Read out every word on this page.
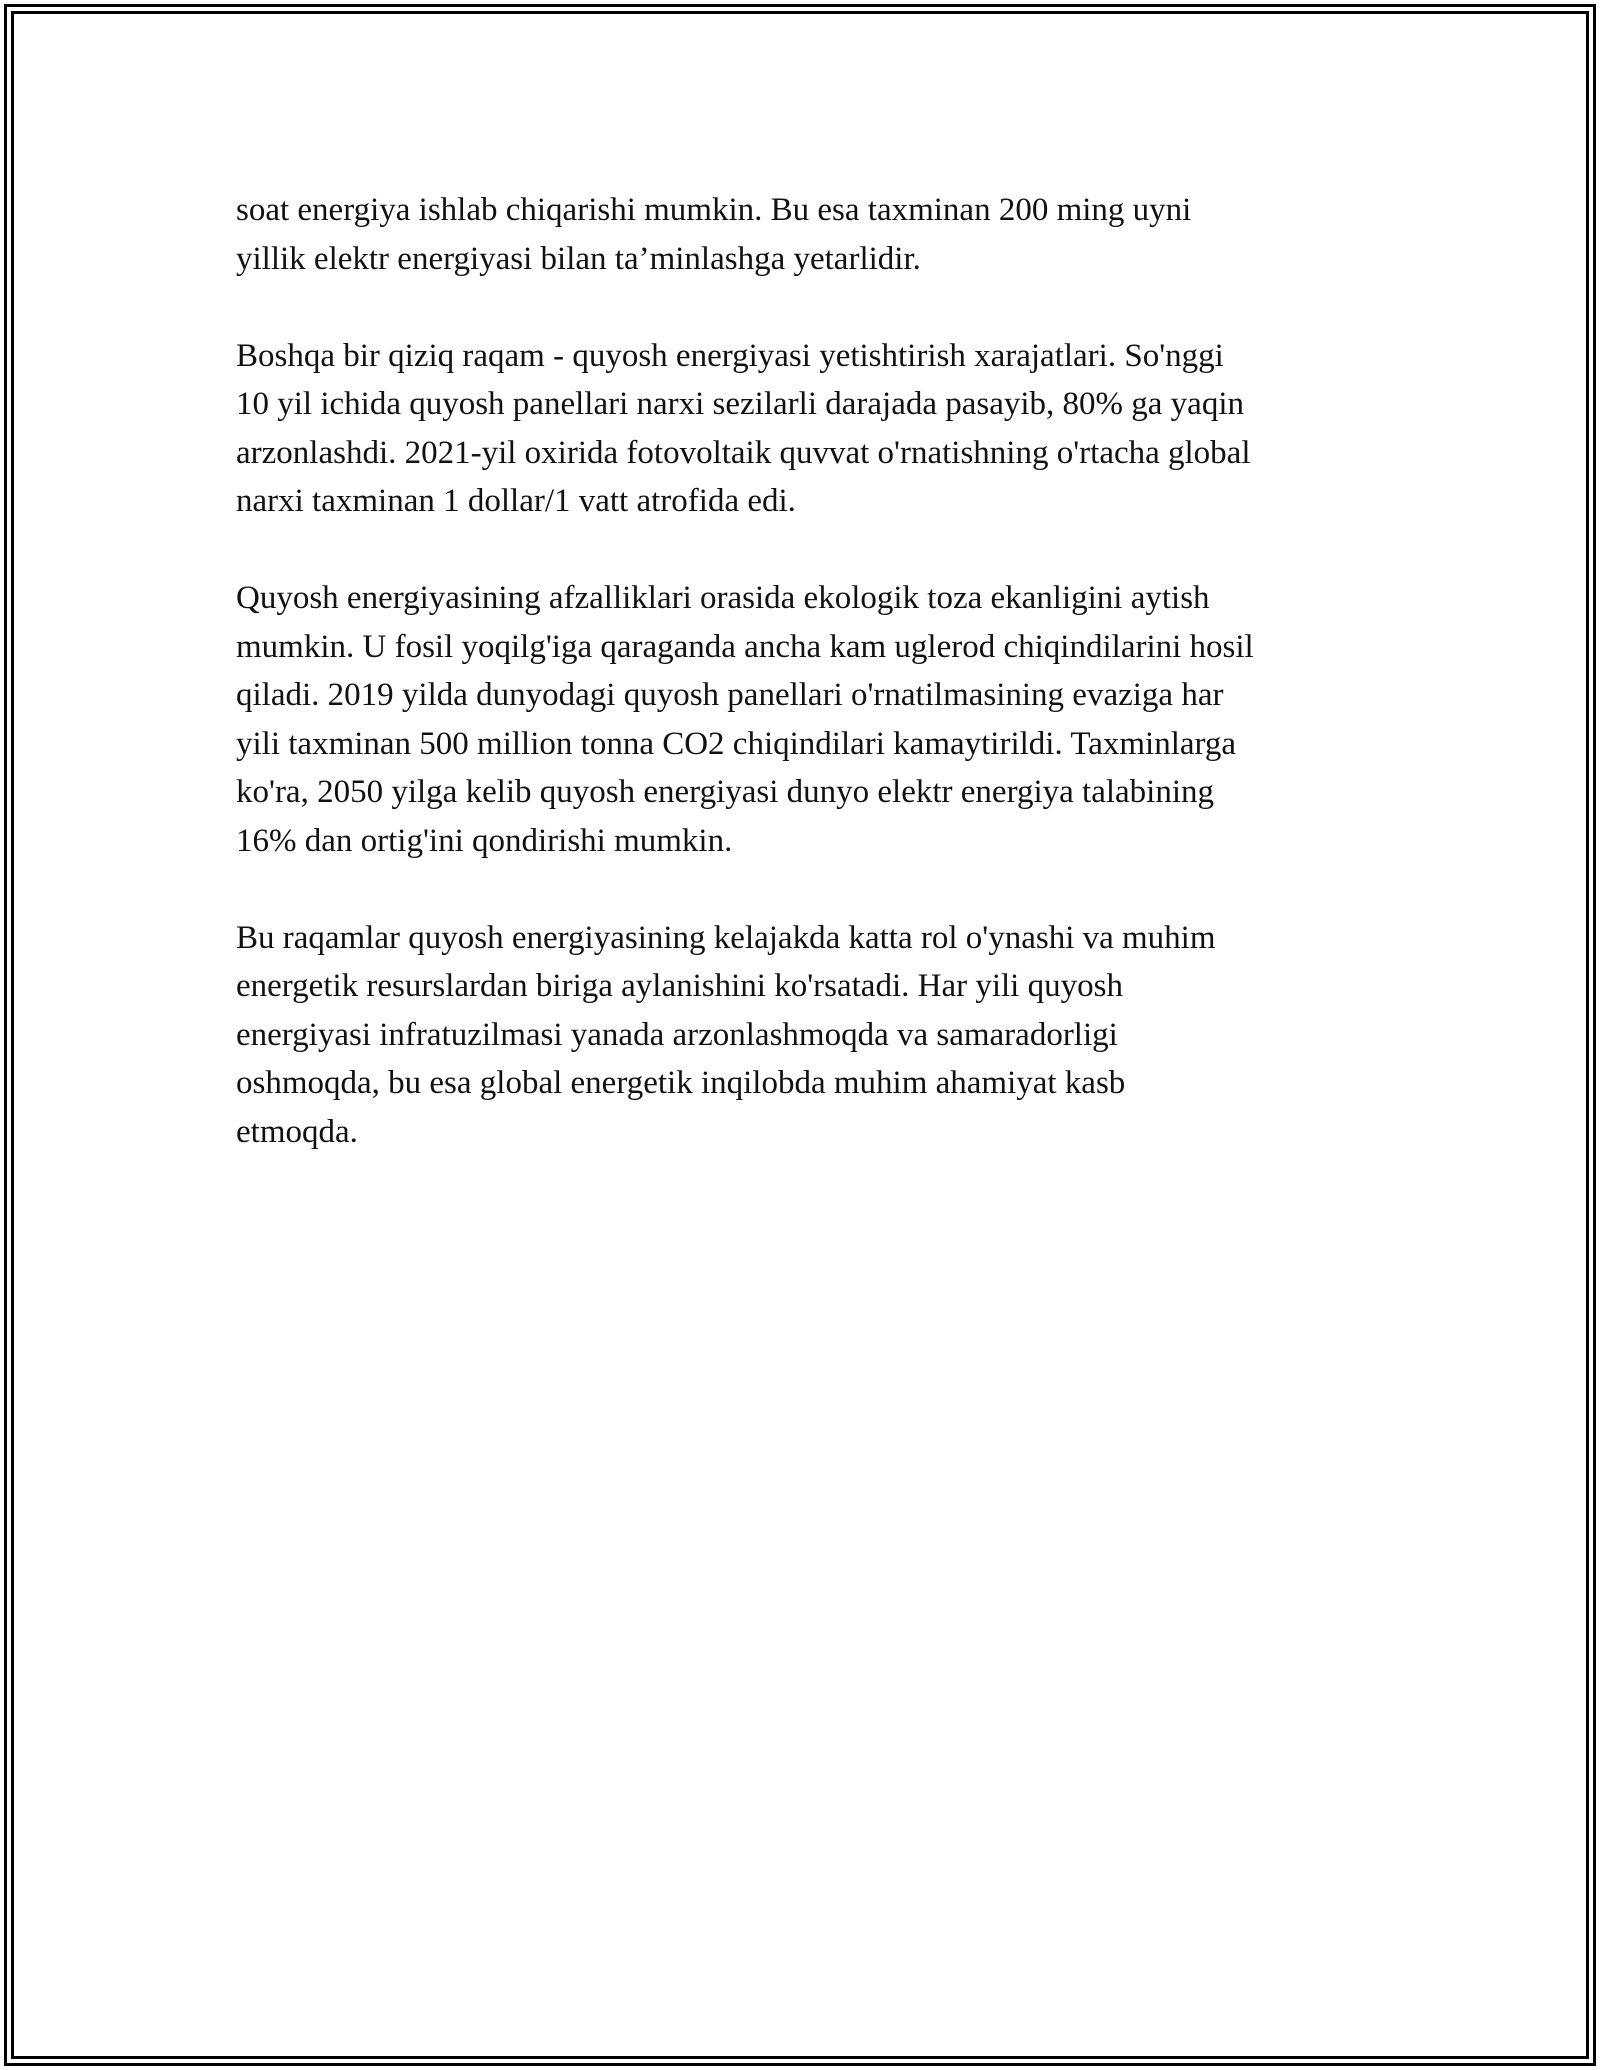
soat energiya ishlab chiqarishi mumkin. Bu esa taxminan 200 ming uyni
yillik elektr energiyasi bilan ta’minlashga yetarlidir.
Boshqa bir qiziq raqam - quyosh energiyasi yetishtirish xarajatlari. So'nggi
10 yil ichida quyosh panellari narxi sezilarli darajada pasayib, 80% ga yaqin
arzonlashdi. 2021-yil oxirida fotovoltaik quvvat o'rnatishning o'rtacha global
narxi taxminan 1 dollar/1 vatt atrofida edi.
Quyosh energiyasining afzalliklari orasida ekologik toza ekanligini aytish
mumkin. U fosil yoqilg'iga qaraganda ancha kam uglerod chiqindilarini hosil
qiladi. 2019 yilda dunyodagi quyosh panellari o'rnatilmasining evaziga har
yili taxminan 500 million tonna CO2 chiqindilari kamaytirildi. Taxminlarga
ko'ra, 2050 yilga kelib quyosh energiyasi dunyo elektr energiya talabining
16% dan ortig'ini qondirishi mumkin.
Bu raqamlar quyosh energiyasining kelajakda katta rol o'ynashi va muhim
energetik resurslardan biriga aylanishini ko'rsatadi. Har yili quyosh
energiyasi infratuzilmasi yanada arzonlashmoqda va samaradorligi
oshmoqda, bu esa global energetik inqilobda muhim ahamiyat kasb
etmoqda.
